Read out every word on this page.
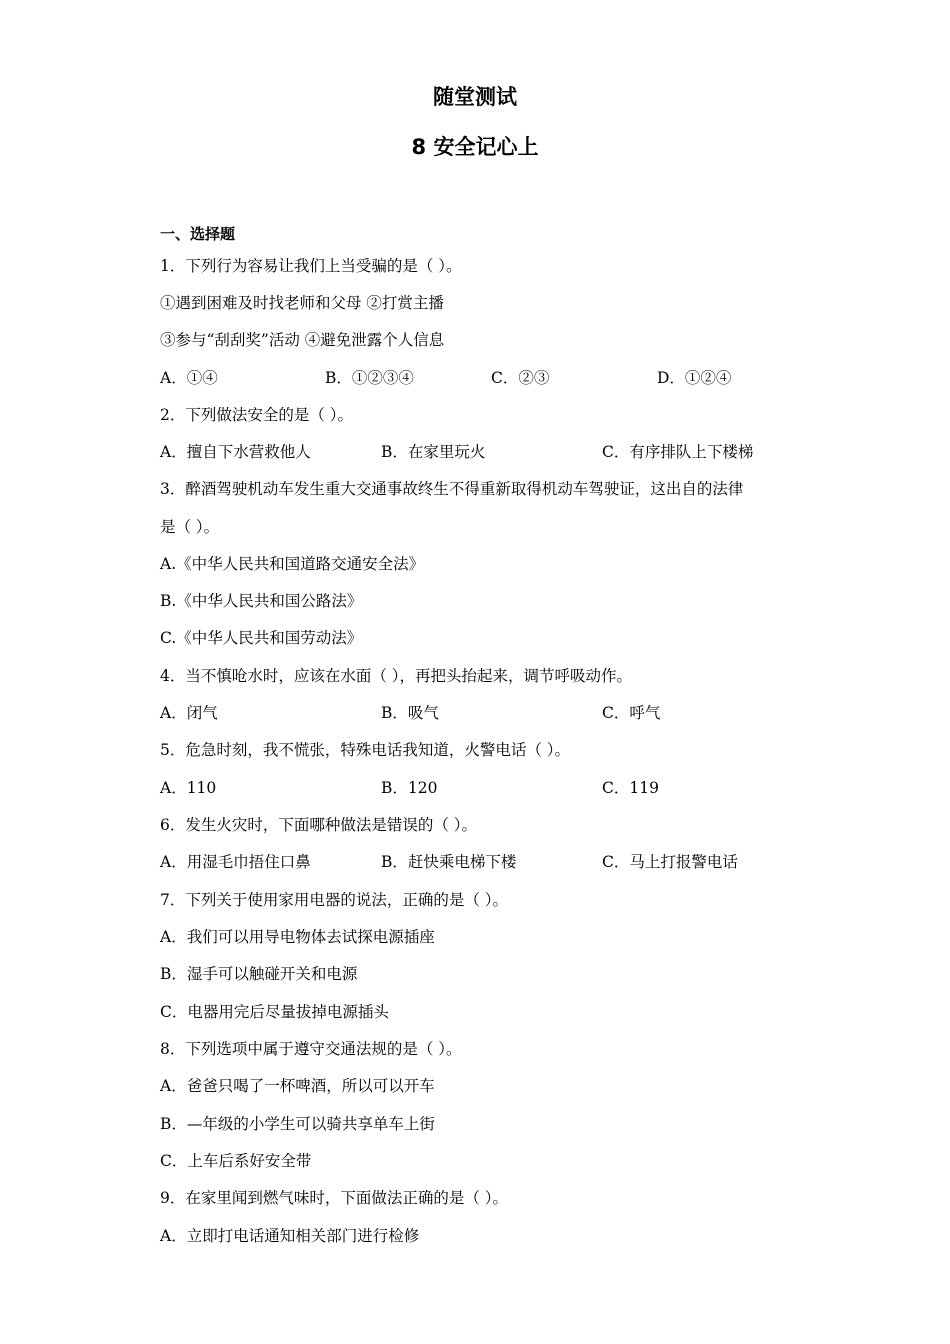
随堂测试
8 安全记心上
一、选择题
1．下列行为容易让我们上当受骗的是（ ）。
①遇到困难及时找老师和父母 ②打赏主播
③参与“刮刮奖”活动 ④避免泄露个人信息
A．①④	B．①②③④	C．②③	D．①②④
2．下列做法安全的是（ ）。
A．擅自下水营救他人	B．在家里玩火	C．有序排队上下楼梯
3．醉酒驾驶机动车发生重大交通事故终生不得重新取得机动车驾驶证，这出自的法律
是（ ）。
A.《中华人民共和国道路交通安全法》
B.《中华人民共和国公路法》
C.《中华人民共和国劳动法》
4．当不慎呛水时，应该在水面（ ），再把头抬起来，调节呼吸动作。
A．闭气	B．吸气	C．呼气
5．危急时刻，我不慌张，特殊电话我知道，火警电话（ ）。
A．110	B．120	C．119
6．发生火灾时，下面哪种做法是错误的（ ）。
A．用湿毛巾捂住口鼻	B．赶快乘电梯下楼	C．马上打报警电话
7．下列关于使用家用电器的说法，正确的是（ ）。
A．我们可以用导电物体去试探电源插座
B．湿手可以触碰开关和电源
C．电器用完后尽量拔掉电源插头
8．下列选项中属于遵守交通法规的是（ ）。
A．爸爸只喝了一杯啤酒，所以可以开车
B．—年级的小学生可以骑共享单车上街
C．上车后系好安全带
9．在家里闻到燃气味时，下面做法正确的是（ ）。
A．立即打电话通知相关部门进行检修
